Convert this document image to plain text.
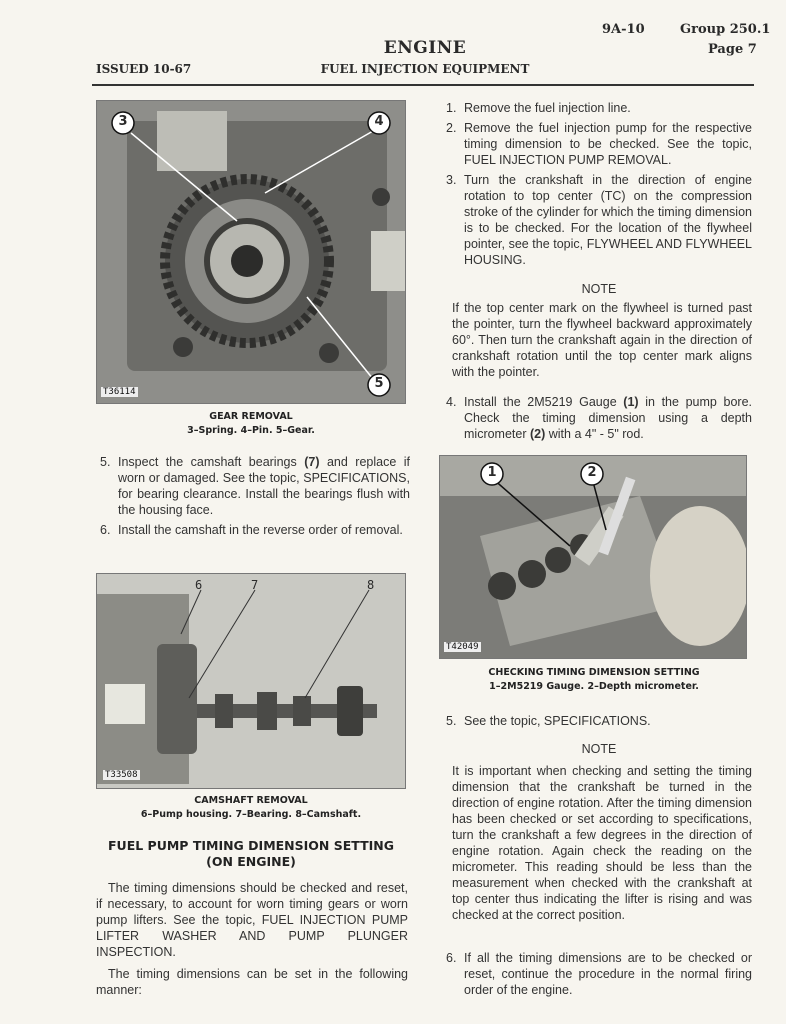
9A-10	Group 250.1
Page 7
ENGINE
FUEL INJECTION EQUIPMENT
ISSUED 10-67
3	4
5
T36114
GEAR REMOVAL
3–Spring. 4–Pin. 5–Gear.
5. Inspect the camshaft bearings (7) and replace if worn or damaged. See the topic, SPECIFICATIONS, for bearing clearance. Install the bearings flush with the housing face.
6. Install the camshaft in the reverse order of removal.
6	7	8
T33508
CAMSHAFT REMOVAL
6–Pump housing. 7–Bearing. 8–Camshaft.
FUEL PUMP TIMING DIMENSION SETTING
(ON ENGINE)
The timing dimensions should be checked and reset, if necessary, to account for worn timing gears or worn pump lifters. See the topic, FUEL INJECTION PUMP LIFTER WASHER AND PUMP PLUNGER INSPECTION.
The timing dimensions can be set in the following manner:
1. Remove the fuel injection line.
2. Remove the fuel injection pump for the respective timing dimension to be checked. See the topic, FUEL INJECTION PUMP REMOVAL.
3. Turn the crankshaft in the direction of engine rotation to top center (TC) on the compression stroke of the cylinder for which the timing dimension is to be checked. For the location of the flywheel pointer, see the topic, FLYWHEEL AND FLYWHEEL HOUSING.
NOTE
If the top center mark on the flywheel is turned past the pointer, turn the flywheel backward approximately 60°. Then turn the crankshaft again in the direction of crankshaft rotation until the top center mark aligns with the pointer.
4. Install the 2M5219 Gauge (1) in the pump bore. Check the timing dimension using a depth micrometer (2) with a 4" - 5" rod.
1	2
T42049
CHECKING TIMING DIMENSION SETTING
1–2M5219 Gauge. 2–Depth micrometer.
5. See the topic, SPECIFICATIONS.
NOTE
It is important when checking and setting the timing dimension that the crankshaft be turned in the direction of engine rotation. After the timing dimension has been checked or set according to specifications, turn the crankshaft a few degrees in the direction of engine rotation. Again check the reading on the micrometer. This reading should be less than the measurement when checked with the crankshaft at top center thus indicating the lifter is rising and was checked at the correct position.
6. If all the timing dimensions are to be checked or reset, continue the procedure in the normal firing order of the engine.
